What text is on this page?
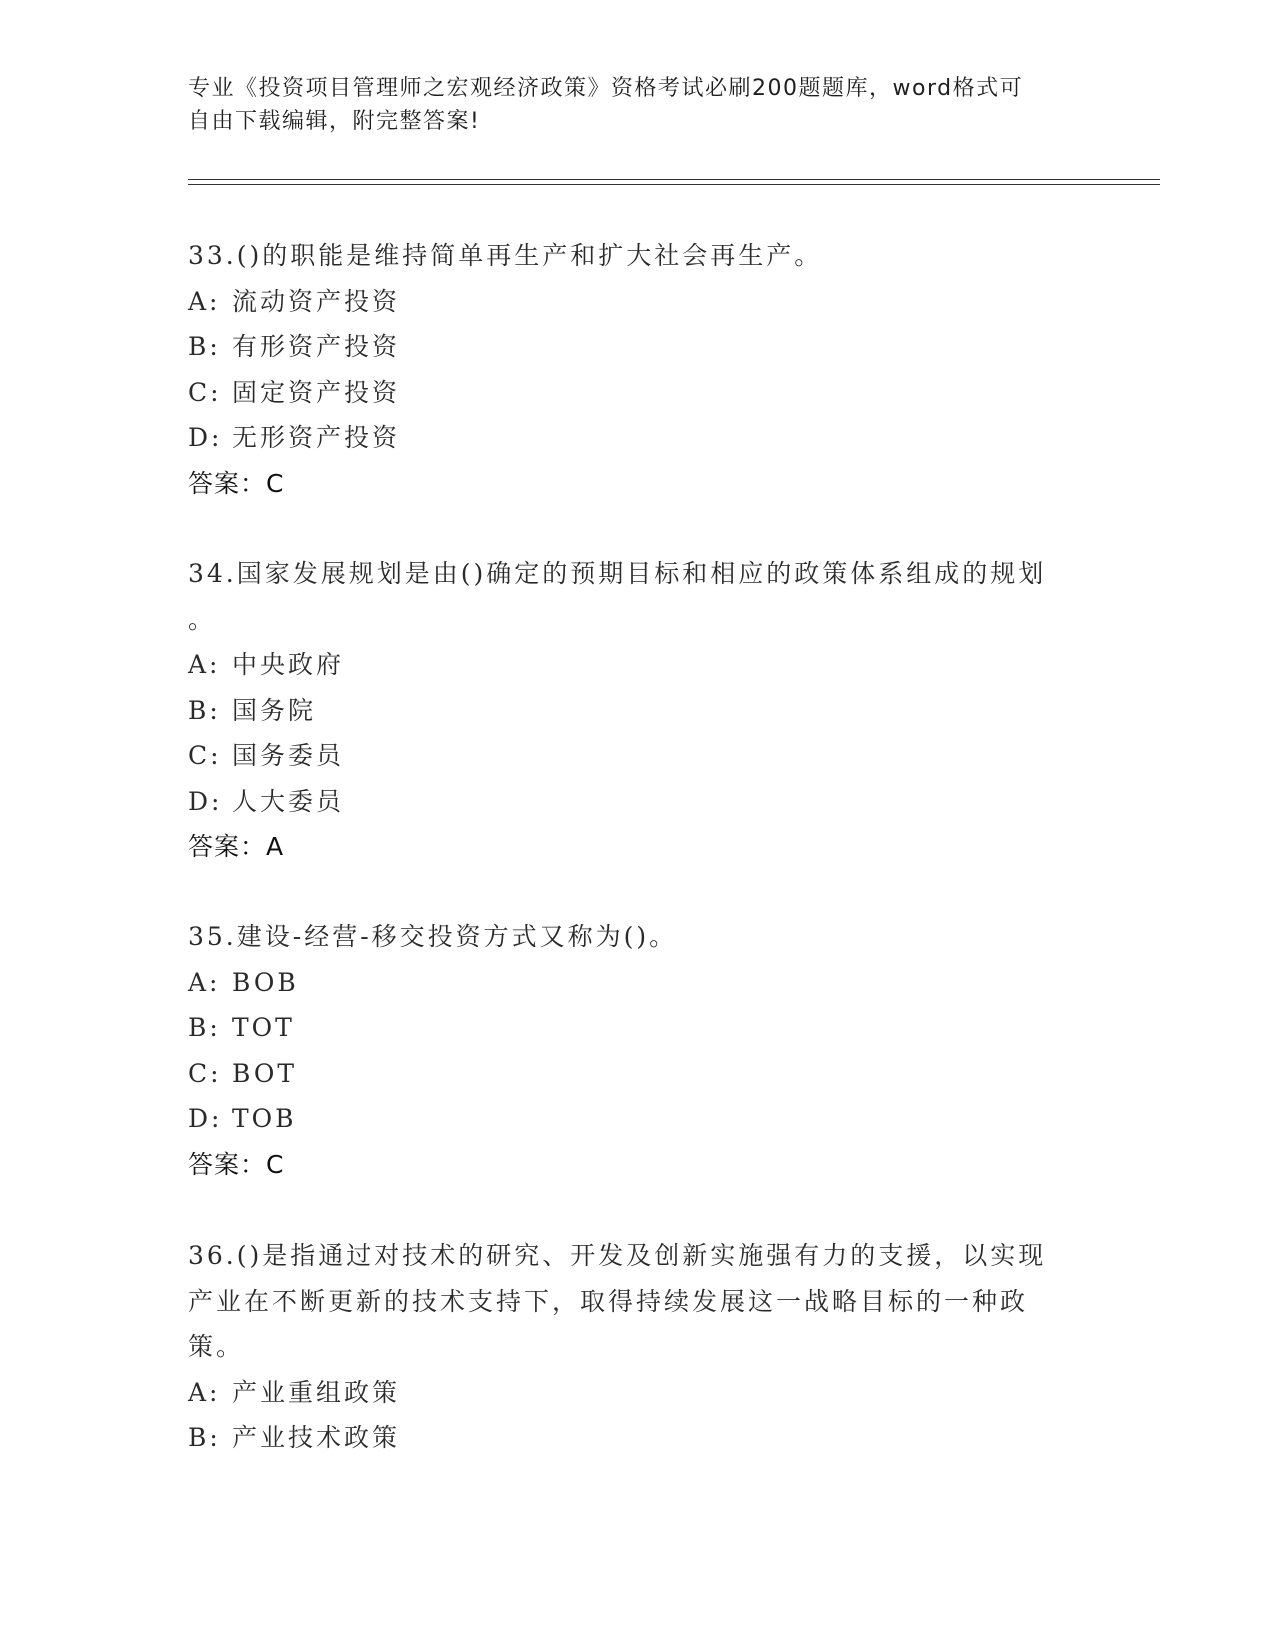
专业《投资项目管理师之宏观经济政策》资格考试必刷200题题库，word格式可
自由下载编辑，附完整答案!
33.()的职能是维持简单再生产和扩大社会再生产。
A: 流动资产投资
B: 有形资产投资
C: 固定资产投资
D: 无形资产投资
答案：C
34.国家发展规划是由()确定的预期目标和相应的政策体系组成的规划
。
A: 中央政府
B: 国务院
C: 国务委员
D: 人大委员
答案：A
35.建设-经营-移交投资方式又称为()。
A: BOB
B: TOT
C: BOT
D: TOB
答案：C
36.()是指通过对技术的研究、开发及创新实施强有力的支援，以实现
产业在不断更新的技术支持下，取得持续发展这一战略目标的一种政
策。
A: 产业重组政策
B: 产业技术政策
